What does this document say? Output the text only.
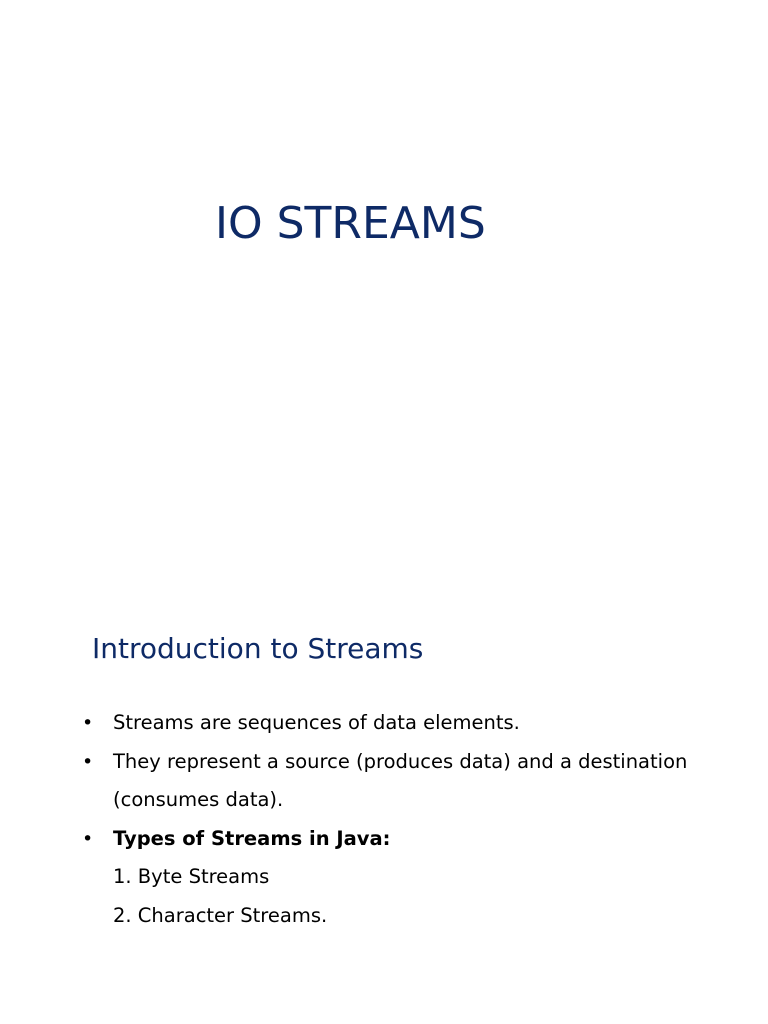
IO STREAMS
Introduction to Streams
• Streams are sequences of data elements.
• They represent a source (produces data) and a destination
(consumes data).
• Types of Streams in Java:
1. Byte Streams
2. Character Streams.
